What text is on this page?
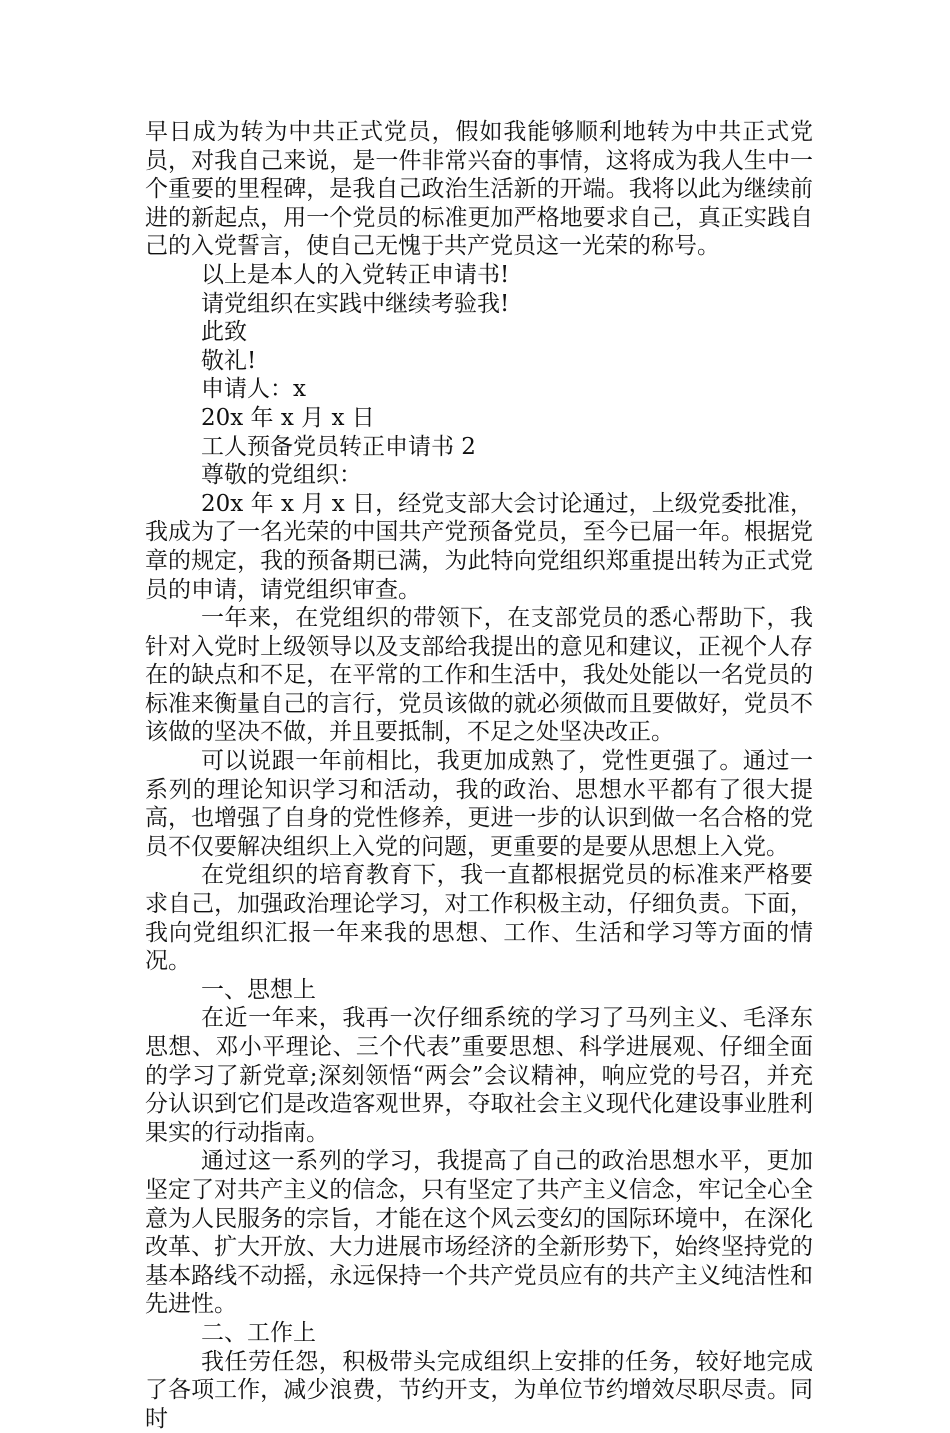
早日成为转为中共正式党员，假如我能够顺利地转为中共正式党员，对我自己来说，是一件非常兴奋的事情，这将成为我人生中一个重要的里程碑，是我自己政治生活新的开端。我将以此为继续前进的新起点，用一个党员的标准更加严格地要求自己，真正实践自己的入党誓言，使自己无愧于共产党员这一光荣的称号。

以上是本人的入党转正申请书!

请党组织在实践中继续考验我!

此致

敬礼!

申请人：x

20x 年 x 月 x 日

工人预备党员转正申请书 2

尊敬的党组织：

20x 年 x 月 x 日，经党支部大会讨论通过，上级党委批准，我成为了一名光荣的中国共产党预备党员，至今已届一年。根据党章的规定，我的预备期已满，为此特向党组织郑重提出转为正式党员的申请，请党组织审查。

一年来，在党组织的带领下，在支部党员的悉心帮助下，我针对入党时上级领导以及支部给我提出的意见和建议，正视个人存在的缺点和不足，在平常的工作和生活中，我处处能以一名党员的标准来衡量自己的言行，党员该做的就必须做而且要做好，党员不该做的坚决不做，并且要抵制，不足之处坚决改正。

可以说跟一年前相比，我更加成熟了，党性更强了。通过一系列的理论知识学习和活动，我的政治、思想水平都有了很大提高，也增强了自身的党性修养，更进一步的认识到做一名合格的党员不仅要解决组织上入党的问题，更重要的是要从思想上入党。

在党组织的培育教育下，我一直都根据党员的标准来严格要求自己，加强政治理论学习，对工作积极主动，仔细负责。下面，我向党组织汇报一年来我的思想、工作、生活和学习等方面的情况。

一、思想上

在近一年来，我再一次仔细系统的学习了马列主义、毛泽东思想、邓小平理论、三个代表”重要思想、科学进展观、仔细全面的学习了新党章;深刻领悟“两会”会议精神，响应党的号召，并充分认识到它们是改造客观世界，夺取社会主义现代化建设事业胜利果实的行动指南。

通过这一系列的学习，我提高了自己的政治思想水平，更加坚定了对共产主义的信念，只有坚定了共产主义信念，牢记全心全意为人民服务的宗旨，才能在这个风云变幻的国际环境中，在深化改革、扩大开放、大力进展市场经济的全新形势下，始终坚持党的基本路线不动摇，永远保持一个共产党员应有的共产主义纯洁性和先进性。

二、工作上

我任劳任怨，积极带头完成组织上安排的任务，较好地完成了各项工作，减少浪费，节约开支，为单位节约增效尽职尽责。同时
